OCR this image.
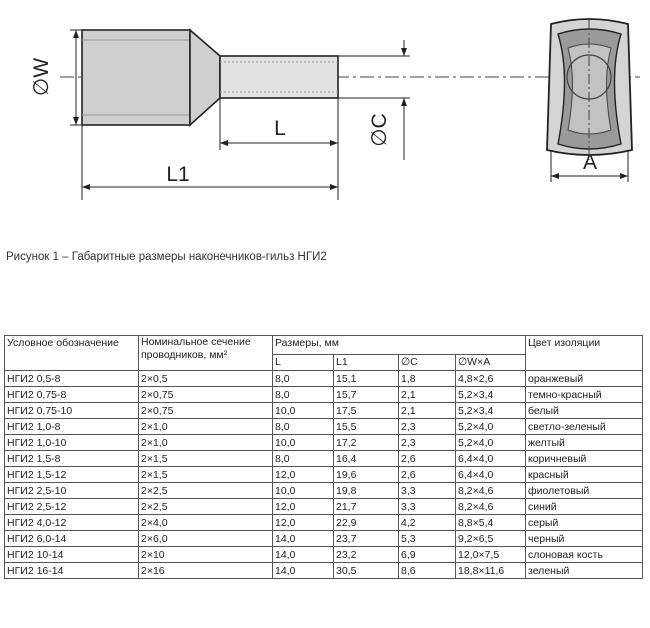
∅W
L
L1
∅C
A
Рисунок 1 – Габаритные размеры наконечников-гильз НГИ2
Условное обозначение	Номинальное сечение проводников, мм²	Размеры, мм				Цвет изоляции
		L	L1	∅C	∅W×A	
НГИ2 0,5-8	2×0,5	8,0	15,1	1,8	4,8×2,6	оранжевый
НГИ2 0,75-8	2×0,75	8,0	15,7	2,1	5,2×3,4	темно-красный
НГИ2 0,75-10	2×0,75	10,0	17,5	2,1	5,2×3,4	белый
НГИ2 1,0-8	2×1,0	8,0	15,5	2,3	5,2×4,0	светло-зеленый
НГИ2 1,0-10	2×1,0	10,0	17,2	2,3	5,2×4,0	желтый
НГИ2 1,5-8	2×1,5	8,0	16,4	2,6	6,4×4,0	коричневый
НГИ2 1,5-12	2×1,5	12,0	19,6	2,6	6,4×4,0	красный
НГИ2 2,5-10	2×2,5	10,0	19,8	3,3	8,2×4,6	фиолетовый
НГИ2 2,5-12	2×2,5	12,0	21,7	3,3	8,2×4,6	синий
НГИ2 4,0-12	2×4,0	12,0	22,9	4,2	8,8×5,4	серый
НГИ2 6,0-14	2×6,0	14,0	23,7	5,3	9,2×6,5	черный
НГИ2 10-14	2×10	14,0	23,2	6,9	12,0×7,5	слоновая кость
НГИ2 16-14	2×16	14,0	30,5	8,6	18,8×11,6	зеленый
